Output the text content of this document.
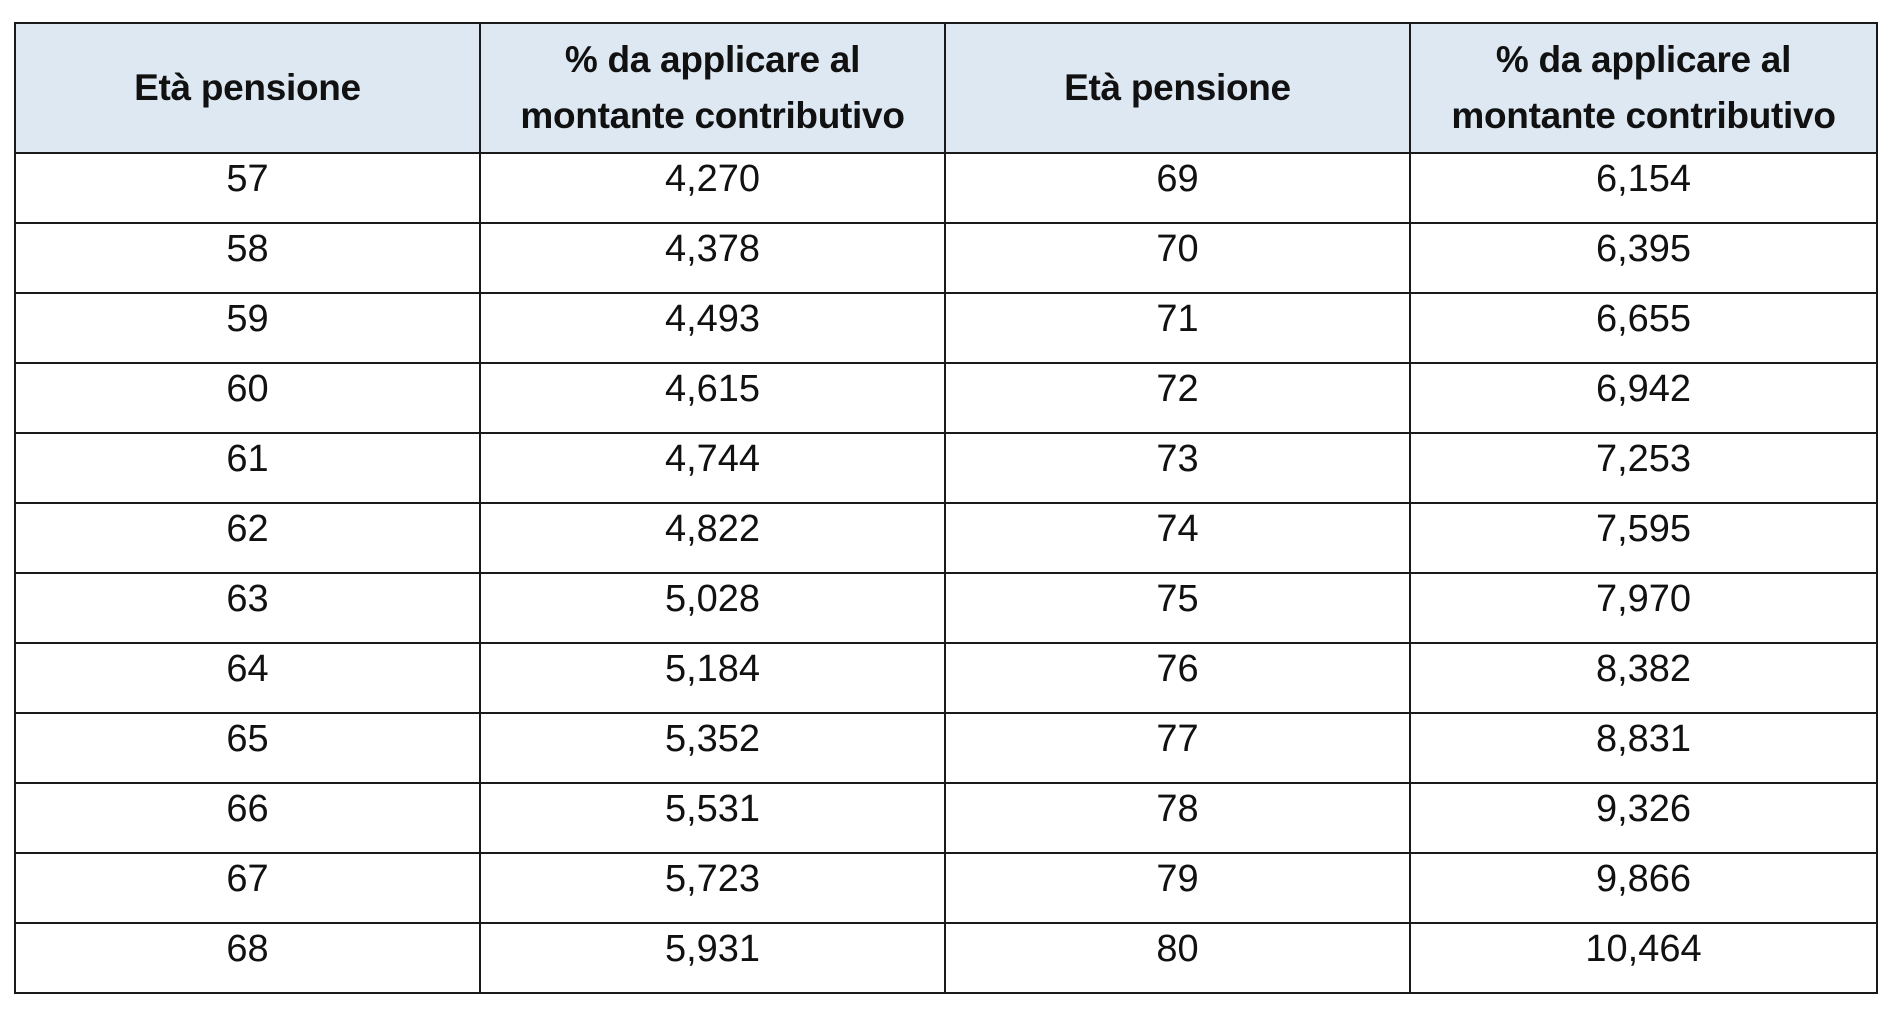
Età pensione	% da applicare al montante contributivo	Età pensione	% da applicare al montante contributivo
57	4,270	69	6,154
58	4,378	70	6,395
59	4,493	71	6,655
60	4,615	72	6,942
61	4,744	73	7,253
62	4,822	74	7,595
63	5,028	75	7,970
64	5,184	76	8,382
65	5,352	77	8,831
66	5,531	78	9,326
67	5,723	79	9,866
68	5,931	80	10,464
